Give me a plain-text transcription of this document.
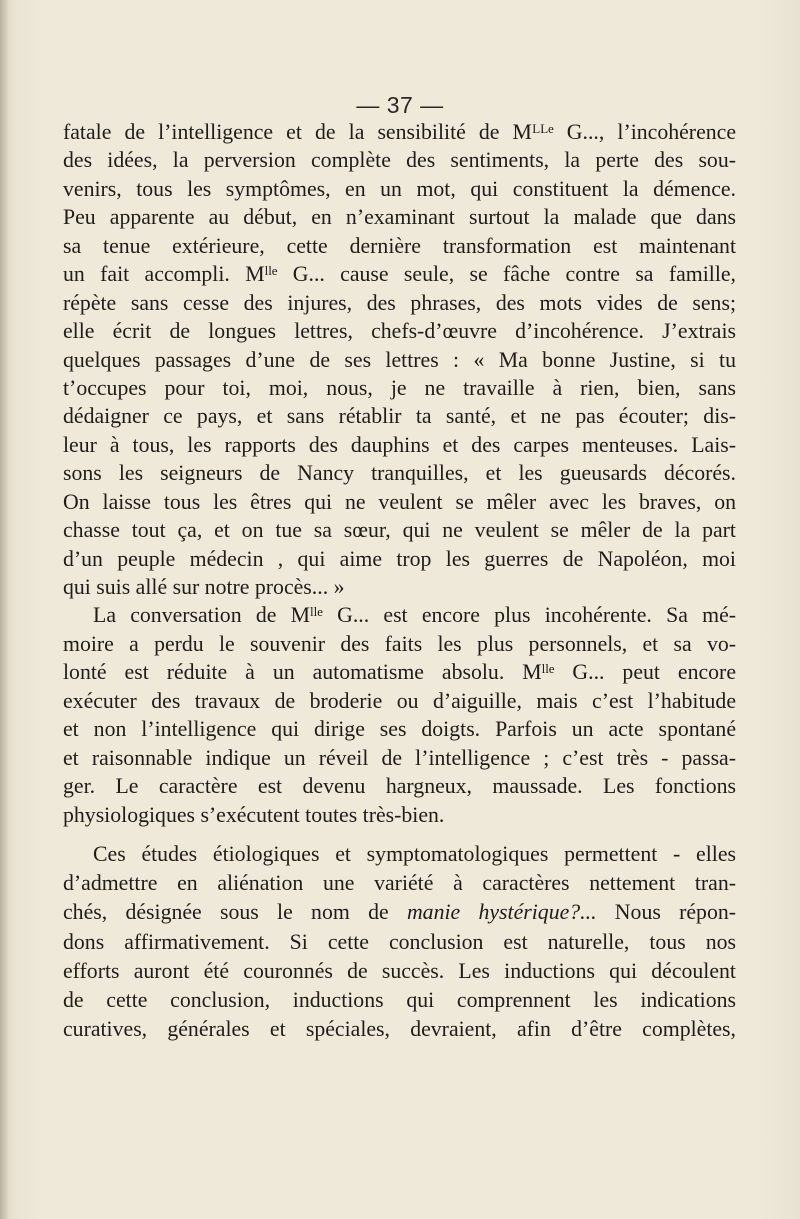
— 37 —
fatale de l’intelligence et de la sensibilité de Mᴸᴸᵉ G..., l’incohérence
des idées, la perversion complète des sentiments, la perte des sou-
venirs, tous les symptômes, en un mot, qui constituent la démence.
Peu apparente au début, en n’examinant surtout la malade que dans
sa tenue extérieure, cette dernière transformation est maintenant
un fait accompli. Mˡˡᵉ G... cause seule, se fâche contre sa famille,
répète sans cesse des injures, des phrases, des mots vides de sens;
elle écrit de longues lettres, chefs-d’œuvre d’incohérence. J’extrais
quelques passages d’une de ses lettres : « Ma bonne Justine, si tu
t’occupes pour toi, moi, nous, je ne travaille à rien, bien, sans
dédaigner ce pays, et sans rétablir ta santé, et ne pas écouter; dis-
leur à tous, les rapports des dauphins et des carpes menteuses. Lais-
sons les seigneurs de Nancy tranquilles, et les gueusards décorés.
On laisse tous les êtres qui ne veulent se mêler avec les braves, on
chasse tout ça, et on tue sa sœur, qui ne veulent se mêler de la part
d’un peuple médecin , qui aime trop les guerres de Napoléon, moi
qui suis allé sur notre procès... »
La conversation de Mˡˡᵉ G... est encore plus incohérente. Sa mé-
moire a perdu le souvenir des faits les plus personnels, et sa vo-
lonté est réduite à un automatisme absolu. Mˡˡᵉ G... peut encore
exécuter des travaux de broderie ou d’aiguille, mais c’est l’habitude
et non l’intelligence qui dirige ses doigts. Parfois un acte spontané
et raisonnable indique un réveil de l’intelligence ; c’est très - passa-
ger. Le caractère est devenu hargneux, maussade. Les fonctions
physiologiques s’exécutent toutes très-bien.
Ces études étiologiques et symptomatologiques permettent - elles
d’admettre en aliénation une variété à caractères nettement tran-
chés, désignée sous le nom de manie hystérique?... Nous répon-
dons affirmativement. Si cette conclusion est naturelle, tous nos
efforts auront été couronnés de succès. Les inductions qui découlent
de cette conclusion, inductions qui comprennent les indications
curatives, générales et spéciales, devraient, afin d’être complètes,
